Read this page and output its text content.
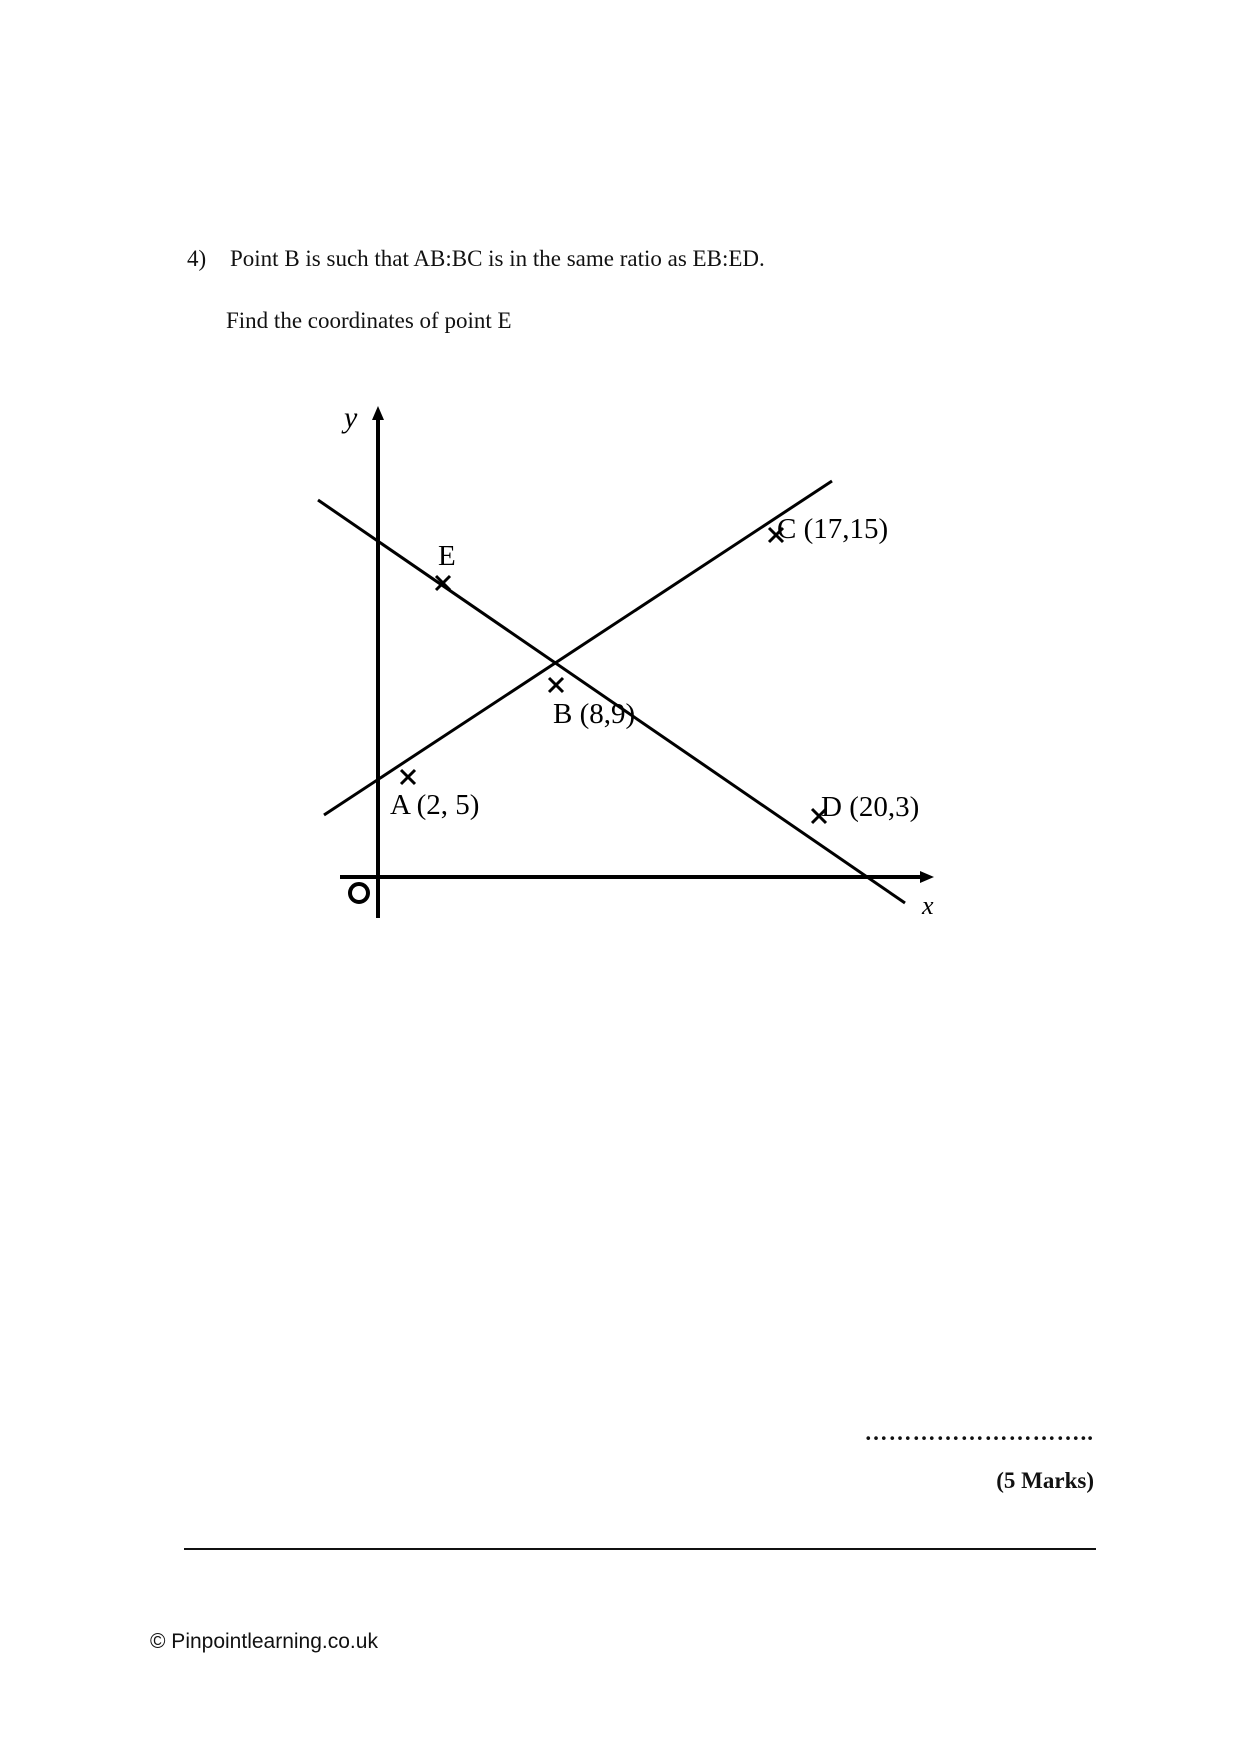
4) Point B is such that AB:BC is in the same ratio as EB:ED.
Find the coordinates of point E
y
x
A (2, 5)
B (8,9)
C (17,15)
D (20,3)
E
………………………..
(5 Marks)
© Pinpointlearning.co.uk
